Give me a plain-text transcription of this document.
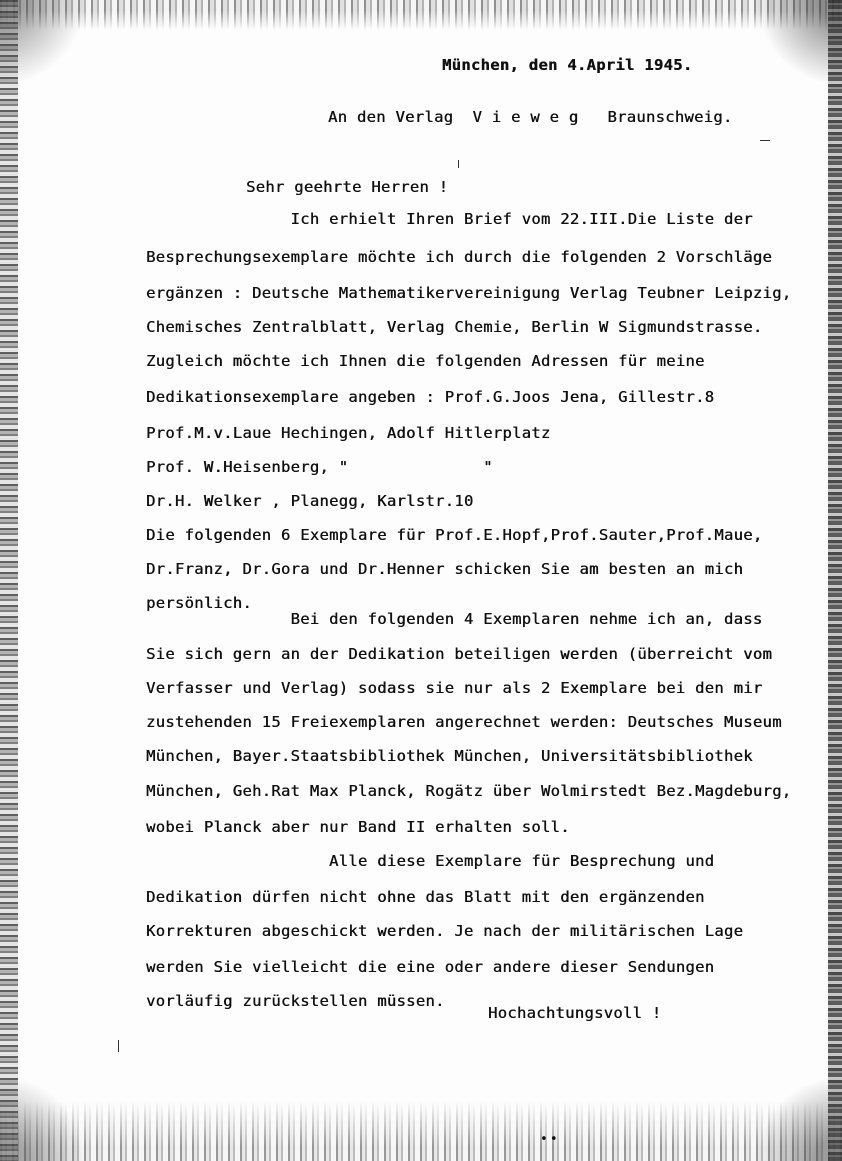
München, den 4.April 1945.
An den Verlag  V i e w e g   Braunschweig.
Sehr geehrte Herren !
Ich erhielt Ihren Brief vom 22.III.Die Liste der
Besprechungsexemplare möchte ich durch die folgenden 2 Vorschläge
ergänzen : Deutsche Mathematikervereinigung Verlag Teubner Leipzig,
Chemisches Zentralblatt, Verlag Chemie, Berlin W Sigmundstrasse.
Zugleich möchte ich Ihnen die folgenden Adressen für meine
Dedikationsexemplare angeben : Prof.G.Joos Jena, Gillestr.8
Prof.M.v.Laue Hechingen, Adolf Hitlerplatz
Prof. W.Heisenberg, "              "
Dr.H. Welker , Planegg, Karlstr.10
Die folgenden 6 Exemplare für Prof.E.Hopf,Prof.Sauter,Prof.Maue,
Dr.Franz, Dr.Gora und Dr.Henner schicken Sie am besten an mich
persönlich.
Bei den folgenden 4 Exemplaren nehme ich an, dass
Sie sich gern an der Dedikation beteiligen werden (überreicht vom
Verfasser und Verlag) sodass sie nur als 2 Exemplare bei den mir
zustehenden 15 Freiexemplaren angerechnet werden: Deutsches Museum
München, Bayer.Staatsbibliothek München, Universitätsbibliothek
München, Geh.Rat Max Planck, Rogätz über Wolmirstedt Bez.Magdeburg,
wobei Planck aber nur Band II erhalten soll.
Alle diese Exemplare für Besprechung und
Dedikation dürfen nicht ohne das Blatt mit den ergänzenden
Korrekturen abgeschickt werden. Je nach der militärischen Lage
werden Sie vielleicht die eine oder andere dieser Sendungen
vorläufig zurückstellen müssen.
Hochachtungsvoll !
••
